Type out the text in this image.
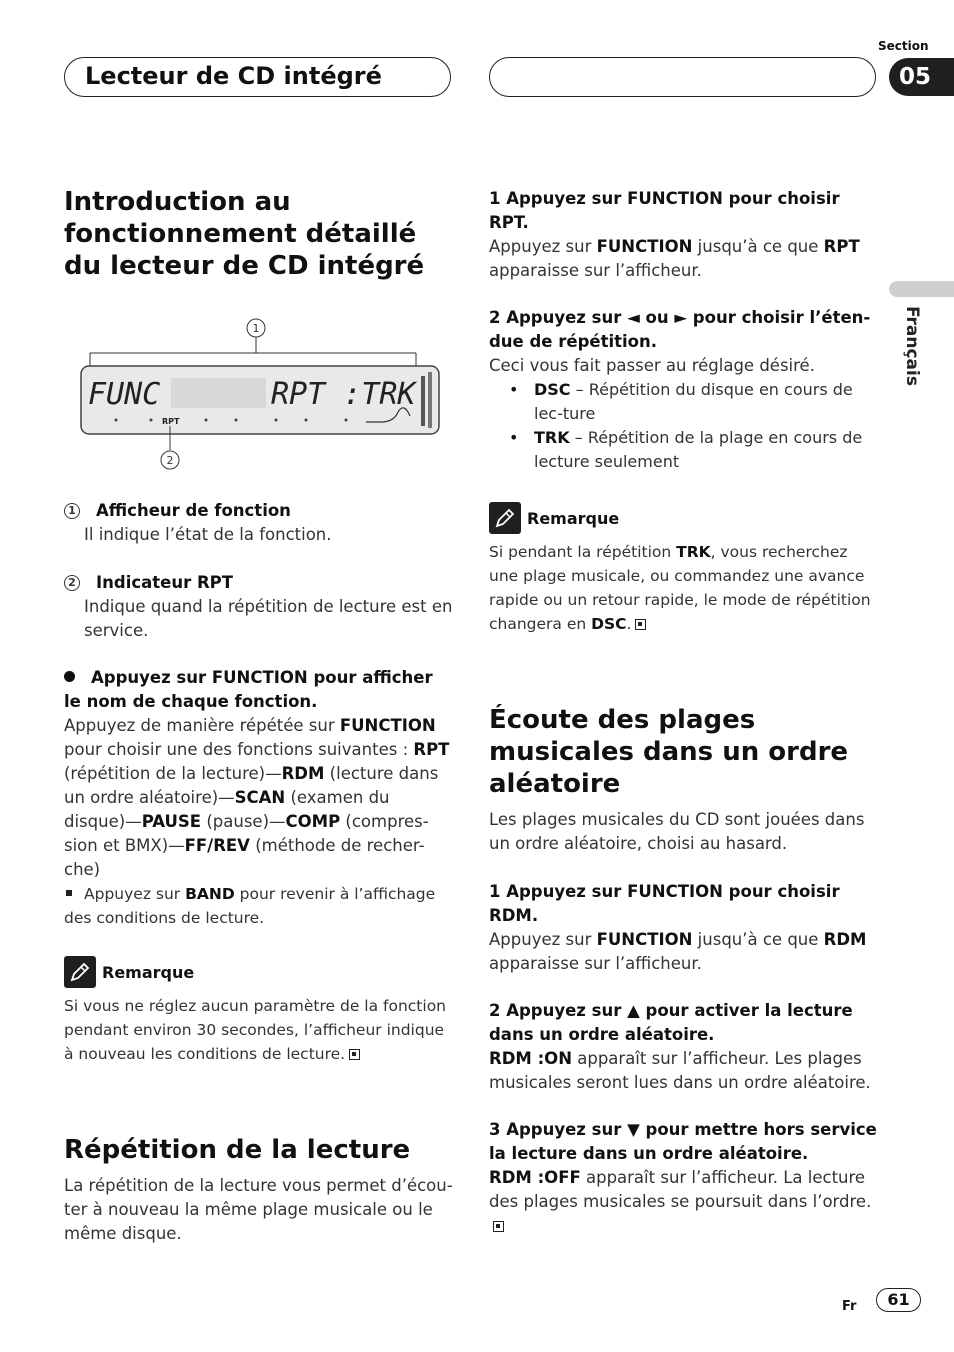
Lecteur de CD intégré
Section
05
Français
Introduction au fonctionnement détaillé du lecteur de CD intégré
1
FUNC	RPT :TRK
RPT
2
1 Afficheur de fonction

Il indique l’état de la fonction.

2 Indicateur RPT

Indique quand la répétition de lecture est en service.

Appuyez sur FUNCTION pour afficher le nom de chaque fonction.

Appuyez de manière répétée sur FUNCTION pour choisir une des fonctions suivantes : RPT (répétition de la lecture)—RDM (lecture dans un ordre aléatoire)—SCAN (examen du disque)—PAUSE (pause)—COMP (compres-sion et BMX)—FF/REV (méthode de recher-che)

Appuyez sur BAND pour revenir à l’affichage des conditions de lecture.

Remarque

Si vous ne réglez aucun paramètre de la fonction pendant environ 30 secondes, l’afficheur indique à nouveau les conditions de lecture.

Répétition de la lecture

La répétition de la lecture vous permet d’écou-ter à nouveau la même plage musicale ou le même disque.

1 Appuyez sur FUNCTION pour choisir RPT.

Appuyez sur FUNCTION jusqu’à ce que RPT apparaisse sur l’afficheur.

2 Appuyez sur ◄ ou ► pour choisir l’éten-due de répétition.

Ceci vous fait passer au réglage désiré.

• DSC – Répétition du disque en cours de lec-ture
• TRK – Répétition de la plage en cours de lecture seulement
Remarque

Si pendant la répétition TRK, vous recherchez une plage musicale, ou commandez une avance rapide ou un retour rapide, le mode de répétition changera en DSC.

Écoute des plages musicales dans un ordre aléatoire

Les plages musicales du CD sont jouées dans un ordre aléatoire, choisi au hasard.

1 Appuyez sur FUNCTION pour choisir RDM.

Appuyez sur FUNCTION jusqu’à ce que RDM apparaisse sur l’afficheur.

2 Appuyez sur ▲ pour activer la lecture dans un ordre aléatoire.

RDM :ON apparaît sur l’afficheur. Les plages musicales seront lues dans un ordre aléatoire.

3 Appuyez sur ▼ pour mettre hors service la lecture dans un ordre aléatoire.

RDM :OFF apparaît sur l’afficheur. La lecture des plages musicales se poursuit dans l’ordre.

Fr	61
